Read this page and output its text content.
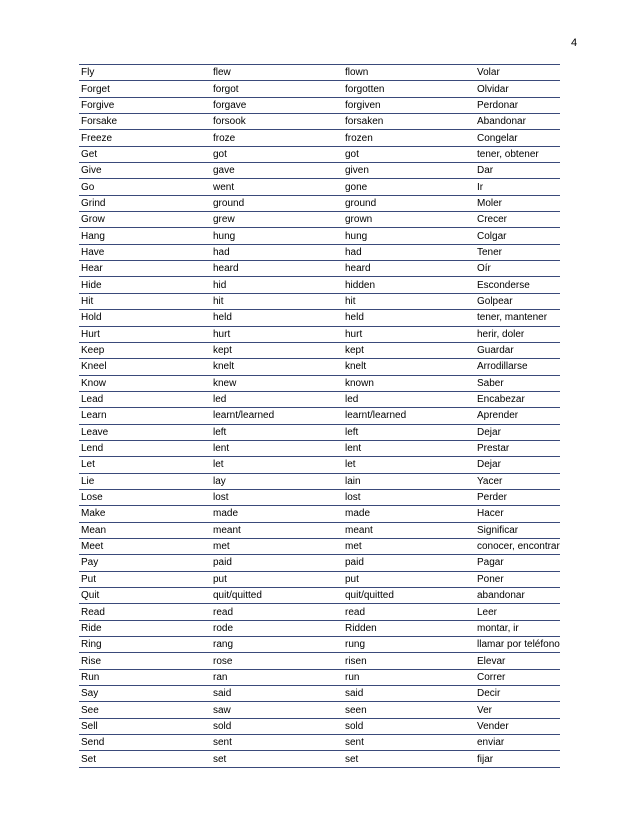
4
Fly	flew	flown	Volar
Forget	forgot	forgotten	Olvidar
Forgive	forgave	forgiven	Perdonar
Forsake	forsook	forsaken	Abandonar
Freeze	froze	frozen	Congelar
Get	got	got	tener, obtener
Give	gave	given	Dar
Go	went	gone	Ir
Grind	ground	ground	Moler
Grow	grew	grown	Crecer
Hang	hung	hung	Colgar
Have	had	had	Tener
Hear	heard	heard	Oír
Hide	hid	hidden	Esconderse
Hit	hit	hit	Golpear
Hold	held	held	tener, mantener
Hurt	hurt	hurt	herir, doler
Keep	kept	kept	Guardar
Kneel	knelt	knelt	Arrodillarse
Know	knew	known	Saber
Lead	led	led	Encabezar
Learn	learnt/learned	learnt/learned	Aprender
Leave	left	left	Dejar
Lend	lent	lent	Prestar
Let	let	let	Dejar
Lie	lay	lain	Yacer
Lose	lost	lost	Perder
Make	made	made	Hacer
Mean	meant	meant	Significar
Meet	met	met	conocer, encontrar
Pay	paid	paid	Pagar
Put	put	put	Poner
Quit	quit/quitted	quit/quitted	abandonar
Read	read	read	Leer
Ride	rode	Ridden	montar, ir
Ring	rang	rung	llamar por teléfono
Rise	rose	risen	Elevar
Run	ran	run	Correr
Say	said	said	Decir
See	saw	seen	Ver
Sell	sold	sold	Vender
Send	sent	sent	enviar
Set	set	set	fijar
